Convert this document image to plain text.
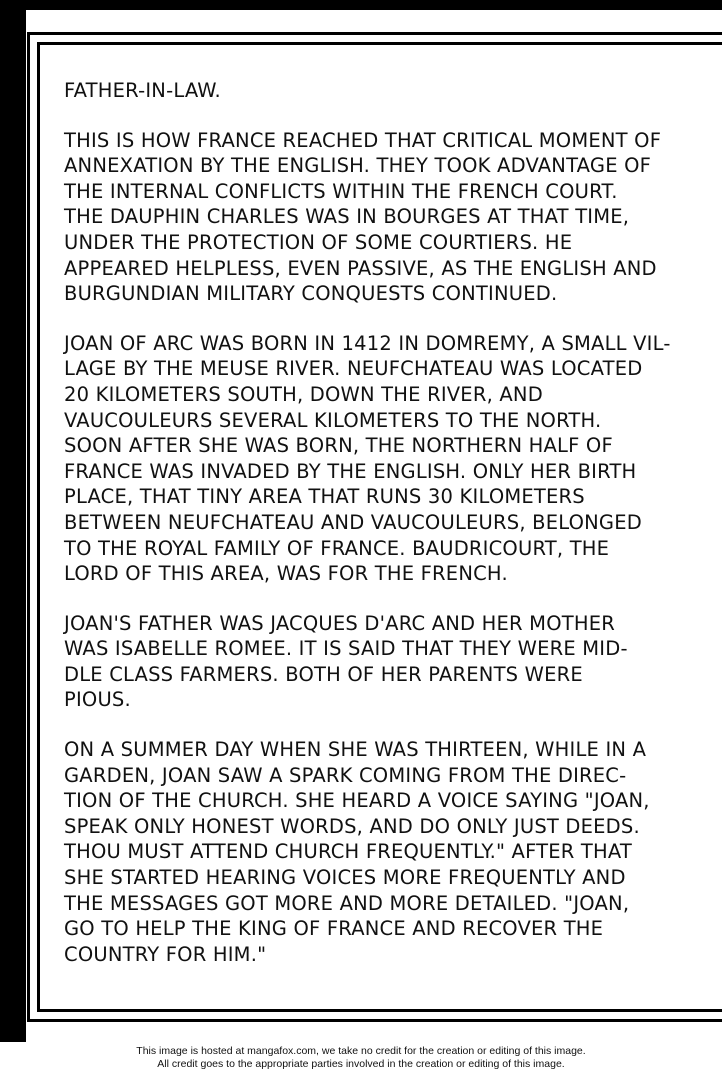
FATHER-IN-LAW.

THIS IS HOW FRANCE REACHED THAT CRITICAL MOMENT OF
ANNEXATION BY THE ENGLISH. THEY TOOK ADVANTAGE OF
THE INTERNAL CONFLICTS WITHIN THE FRENCH COURT.
THE DAUPHIN CHARLES WAS IN BOURGES AT THAT TIME,
UNDER THE PROTECTION OF SOME COURTIERS. HE
APPEARED HELPLESS, EVEN PASSIVE, AS THE ENGLISH AND
BURGUNDIAN MILITARY CONQUESTS CONTINUED.

JOAN OF ARC WAS BORN IN 1412 IN DOMREMY, A SMALL VIL-
LAGE BY THE MEUSE RIVER. NEUFCHATEAU WAS LOCATED
20 KILOMETERS SOUTH, DOWN THE RIVER, AND
VAUCOULEURS SEVERAL KILOMETERS TO THE NORTH.
SOON AFTER SHE WAS BORN, THE NORTHERN HALF OF
FRANCE WAS INVADED BY THE ENGLISH. ONLY HER BIRTH
PLACE, THAT TINY AREA THAT RUNS 30 KILOMETERS
BETWEEN NEUFCHATEAU AND VAUCOULEURS, BELONGED
TO THE ROYAL FAMILY OF FRANCE. BAUDRICOURT, THE
LORD OF THIS AREA, WAS FOR THE FRENCH.

JOAN'S FATHER WAS JACQUES D'ARC AND HER MOTHER
WAS ISABELLE ROMEE. IT IS SAID THAT THEY WERE MID-
DLE CLASS FARMERS. BOTH OF HER PARENTS WERE
PIOUS.

ON A SUMMER DAY WHEN SHE WAS THIRTEEN, WHILE IN A
GARDEN, JOAN SAW A SPARK COMING FROM THE DIREC-
TION OF THE CHURCH. SHE HEARD A VOICE SAYING "JOAN,
SPEAK ONLY HONEST WORDS, AND DO ONLY JUST DEEDS.
THOU MUST ATTEND CHURCH FREQUENTLY." AFTER THAT
SHE STARTED HEARING VOICES MORE FREQUENTLY AND
THE MESSAGES GOT MORE AND MORE DETAILED. "JOAN,
GO TO HELP THE KING OF FRANCE AND RECOVER THE
COUNTRY FOR HIM."

This image is hosted at mangafox.com, we take no credit for the creation or editing of this image.
All credit goes to the appropriate parties involved in the creation or editing of this image.
